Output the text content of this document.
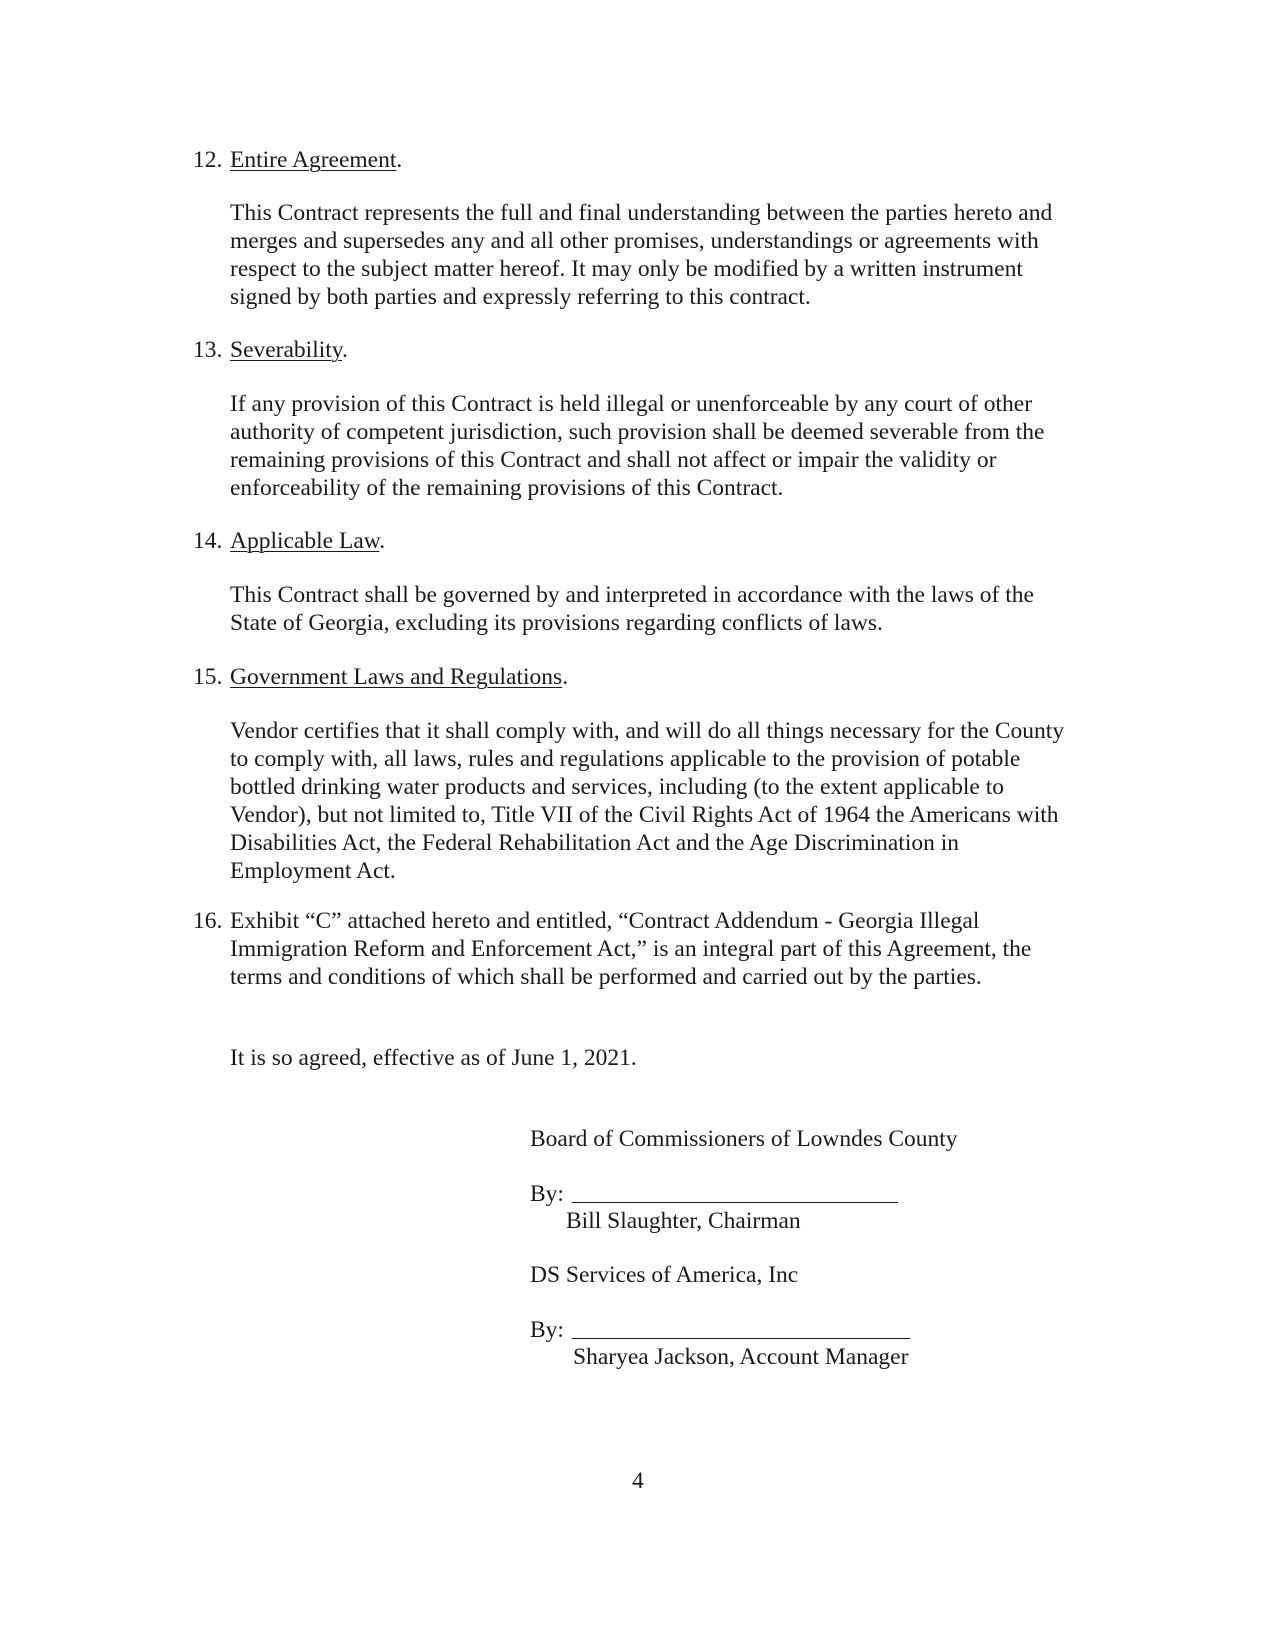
12. Entire Agreement.
This Contract represents the full and final understanding between the parties hereto and
merges and supersedes any and all other promises, understandings or agreements with
respect to the subject matter hereof. It may only be modified by a written instrument
signed by both parties and expressly referring to this contract.
13. Severability.
If any provision of this Contract is held illegal or unenforceable by any court of other
authority of competent jurisdiction, such provision shall be deemed severable from the
remaining provisions of this Contract and shall not affect or impair the validity or
enforceability of the remaining provisions of this Contract.
14. Applicable Law.
This Contract shall be governed by and interpreted in accordance with the laws of the
State of Georgia, excluding its provisions regarding conflicts of laws.
15. Government Laws and Regulations.
Vendor certifies that it shall comply with, and will do all things necessary for the County
to comply with, all laws, rules and regulations applicable to the provision of potable
bottled drinking water products and services, including (to the extent applicable to
Vendor), but not limited to, Title VII of the Civil Rights Act of 1964 the Americans with
Disabilities Act, the Federal Rehabilitation Act and the Age Discrimination in
Employment Act.
16. Exhibit “C” attached hereto and entitled, “Contract Addendum - Georgia Illegal
Immigration Reform and Enforcement Act,” is an integral part of this Agreement, the
terms and conditions of which shall be performed and carried out by the parties.
It is so agreed, effective as of June 1, 2021.
Board of Commissioners of Lowndes County
By:
Bill Slaughter, Chairman
DS Services of America, Inc
By:
Sharyea Jackson, Account Manager
4
